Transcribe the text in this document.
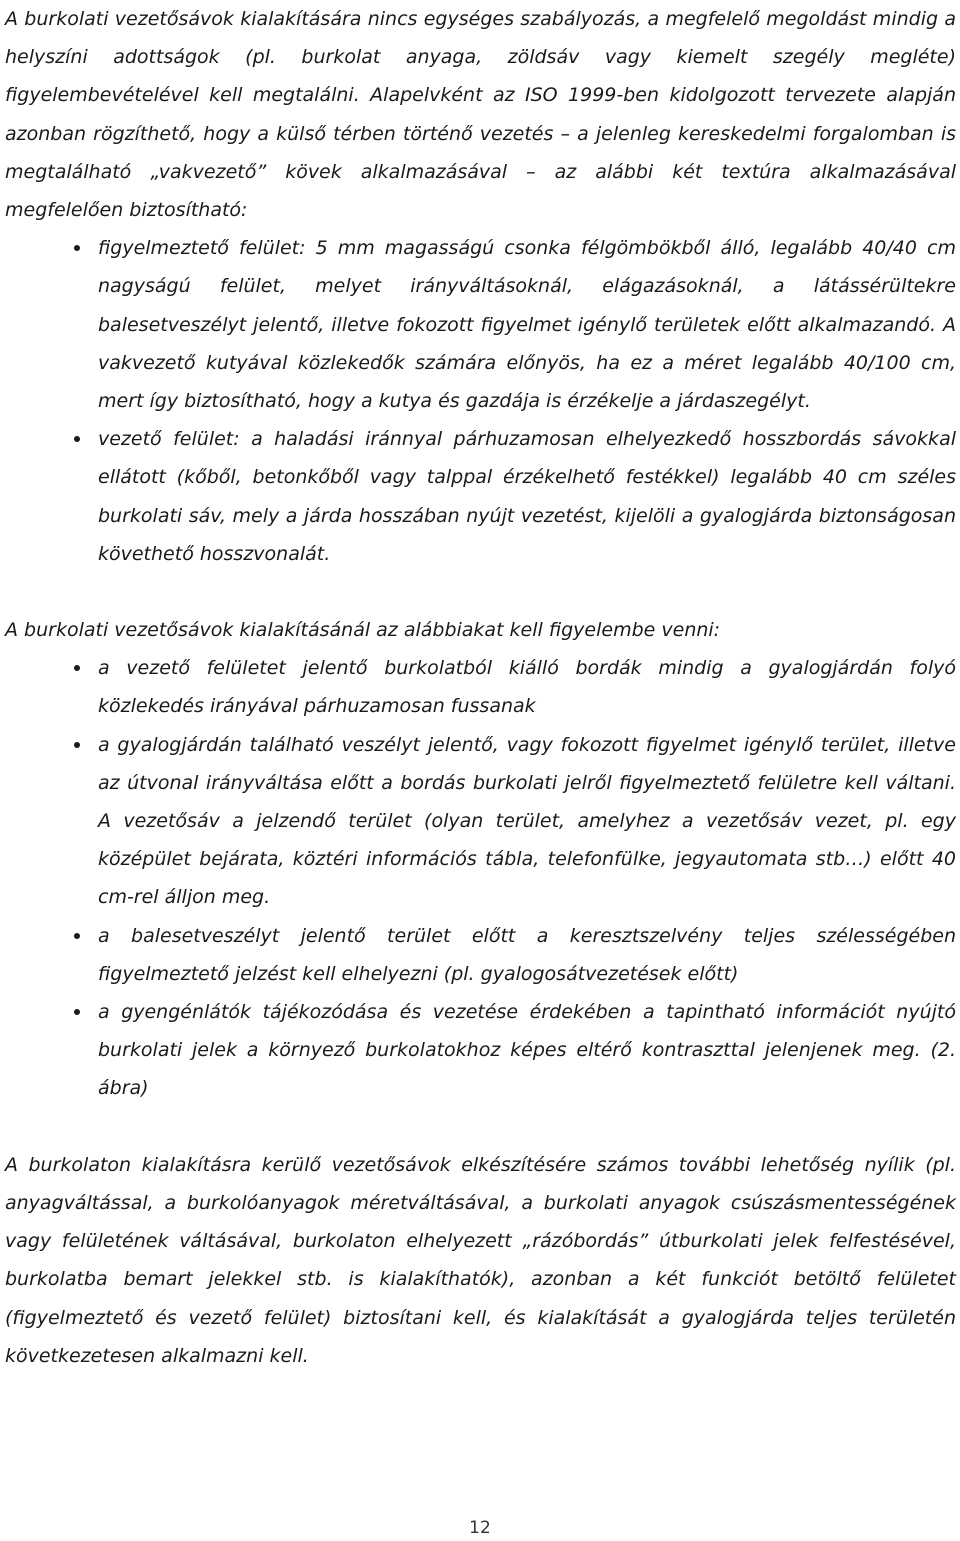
A burkolati vezetősávok kialakítására nincs egységes szabályozás, a megfelelő megoldást mindig a helyszíni adottságok (pl. burkolat anyaga, zöldsáv vagy kiemelt szegély megléte) figyelembevételével kell megtalálni. Alapelvként az ISO 1999-ben kidolgozott tervezete alapján azonban rögzíthető, hogy a külső térben történő vezetés – a jelenleg kereskedelmi forgalomban is megtalálható „vakvezető” kövek alkalmazásával – az alábbi két textúra alkalmazásával megfelelően biztosítható:

figyelmeztető felület: 5 mm magasságú csonka félgömbökből álló, legalább 40/40 cm nagyságú felület, melyet irányváltásoknál, elágazásoknál, a látássérültekre balesetveszélyt jelentő, illetve fokozott figyelmet igénylő területek előtt alkalmazandó. A vakvezető kutyával közlekedők számára előnyös, ha ez a méret legalább 40/100 cm, mert így biztosítható, hogy a kutya és gazdája is érzékelje a járdaszegélyt.
vezető felület: a haladási iránnyal párhuzamosan elhelyezkedő hosszbordás sávokkal ellátott (kőből, betonkőből vagy talppal érzékelhető festékkel) legalább 40 cm széles burkolati sáv, mely a járda hosszában nyújt vezetést, kijelöli a gyalogjárda biztonságosan követhető hosszvonalát.

A burkolati vezetősávok kialakításánál az alábbiakat kell figyelembe venni:

a vezető felületet jelentő burkolatból kiálló bordák mindig a gyalogjárdán folyó közlekedés irányával párhuzamosan fussanak
a gyalogjárdán található veszélyt jelentő, vagy fokozott figyelmet igénylő terület, illetve az útvonal irányváltása előtt a bordás burkolati jelről figyelmeztető felületre kell váltani. A vezetősáv a jelzendő terület (olyan terület, amelyhez a vezetősáv vezet, pl. egy középület bejárata, köztéri információs tábla, telefonfülke, jegyautomata stb…) előtt 40 cm-rel álljon meg.
a balesetveszélyt jelentő terület előtt a keresztszelvény teljes szélességében figyelmeztető jelzést kell elhelyezni (pl. gyalogosátvezetések előtt)
a gyengénlátók tájékozódása és vezetése érdekében a tapintható információt nyújtó burkolati jelek a környező burkolatokhoz képes eltérő kontraszttal jelenjenek meg. (2. ábra)

A burkolaton kialakításra kerülő vezetősávok elkészítésére számos további lehetőség nyílik (pl. anyagváltással, a burkolóanyagok méretváltásával, a burkolati anyagok csúszásmentességének vagy felületének váltásával, burkolaton elhelyezett „rázóbordás” útburkolati jelek felfestésével, burkolatba bemart jelekkel stb. is kialakíthatók), azonban a két funkciót betöltő felületet (figyelmeztető és vezető felület) biztosítani kell, és kialakítását a gyalogjárda teljes területén következetesen alkalmazni kell.

12
